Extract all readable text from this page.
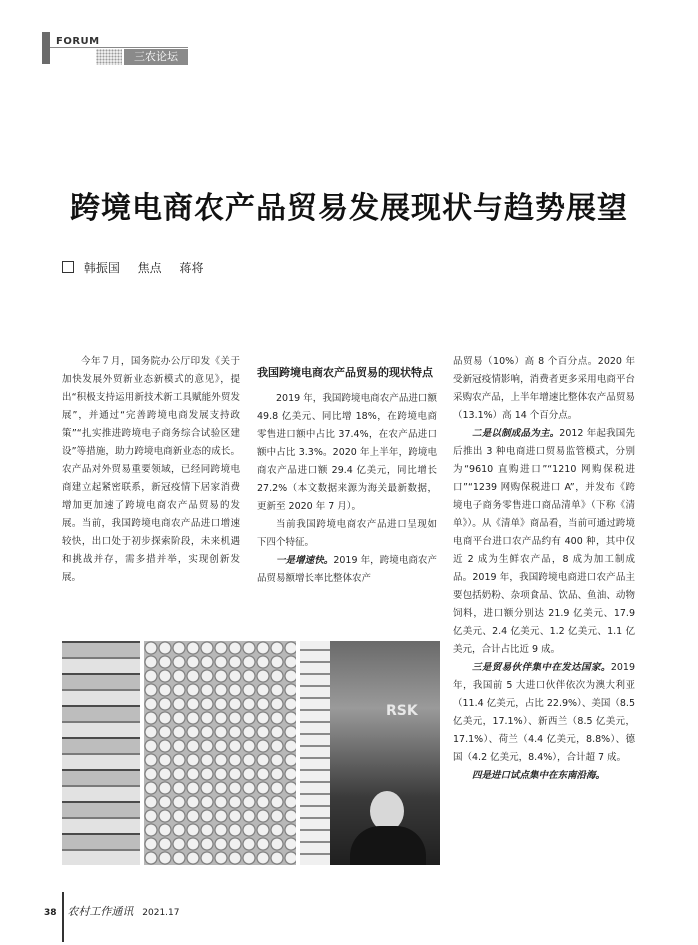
FORUM
三农论坛
跨境电商农产品贸易发展现状与趋势展望
韩振国 焦点 蒋将

今年７月，国务院办公厅印发《关于加快发展外贸新业态新模式的意见》，提出“积极支持运用新技术新工具赋能外贸发展”，并通过“完善跨境电商发展支持政策”“扎实推进跨境电子商务综合试验区建设”等措施，助力跨境电商新业态的成长。农产品对外贸易重要领域，已经同跨境电商建立起紧密联系，新冠疫情下居家消费增加更加速了跨境电商农产品贸易的发展。当前，我国跨境电商农产品进口增速较快，出口处于初步探索阶段，未来机遇和挑战并存，需多措并举，实现创新发展。

我国跨境电商农产品贸易的现状特点

2019 年，我国跨境电商农产品进口额 49.8 亿美元、同比增 18%，在跨境电商零售进口额中占比 37.4%，在农产品进口额中占比 3.3%。2020 年上半年，跨境电商农产品进口额 29.4 亿美元，同比增长 27.2%（本文数据来源为海关最新数据，更新至 2020 年 7 月）。

当前我国跨境电商农产品进口呈现如下四个特征。

一是增速快。2019 年，跨境电商农产品贸易额增长率比整体农产

品贸易（10%）高 8 个百分点。2020 年受新冠疫情影响，消费者更多采用电商平台采购农产品，上半年增速比整体农产品贸易（13.1%）高 14 个百分点。

二是以制成品为主。2012 年起我国先后推出 3 种电商进口贸易监管模式，分别为“9610 直购进口”“1210 网购保税进口”“1239 网购保税进口 A”，并发布《跨境电子商务零售进口商品清单》（下称《清单》）。从《清单》商品看，当前可通过跨境电商平台进口农产品约有 400 种，其中仅近 2 成为生鲜农产品，8 成为加工制成品。2019 年，我国跨境电商进口农产品主要包括奶粉、杂项食品、饮品、鱼油、动物饲料，进口额分别达 21.9 亿美元、17.9 亿美元、2.4 亿美元、1.2 亿美元、1.1 亿美元，合计占比近 9 成。

三是贸易伙伴集中在发达国家。2019 年，我国前 5 大进口伙伴依次为澳大利亚（11.4 亿美元，占比 22.9%）、美国（8.5 亿美元，17.1%）、新西兰（8.5 亿美元，17.1%）、荷兰（4.4 亿美元，8.8%）、德国（4.2 亿美元，8.4%），合计超 7 成。

四是进口试点集中在东南沿海。

RSK
38 农村工作通讯 2021.17
